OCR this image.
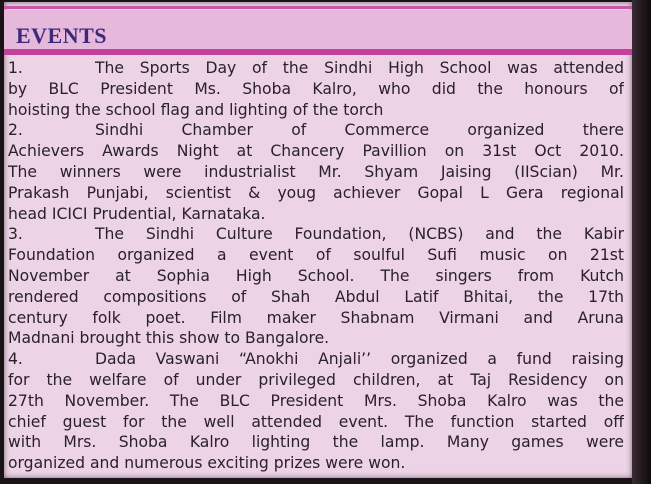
EVENTS
1.	The Sports Day of the Sindhi High School was attended
by BLC President Ms. Shoba Kalro, who did the honours of
hoisting the school flag and lighting of the torch
2.	Sindhi Chamber of Commerce organized there
Achievers Awards Night at Chancery Pavillion on 31st Oct 2010.
The winners were industrialist Mr. Shyam Jaising (IIScian) Mr.
Prakash Punjabi, scientist & youg achiever Gopal L Gera regional
head ICICI Prudential, Karnataka.
3.	The Sindhi Culture Foundation, (NCBS) and the Kabir
Foundation organized a event of soulful Sufi music on 21st
November at Sophia High School. The singers from Kutch
rendered compositions of Shah Abdul Latif Bhitai, the 17th
century folk poet. Film maker Shabnam Virmani and Aruna
Madnani brought this show to Bangalore.
4.	Dada Vaswani “Anokhi Anjali’’ organized a fund raising
for the welfare of under privileged children, at Taj Residency on
27th November. The BLC President Mrs. Shoba Kalro was the
chief guest for the well attended event. The function started off
with Mrs. Shoba Kalro lighting the lamp. Many games were
organized and numerous exciting prizes were won.
